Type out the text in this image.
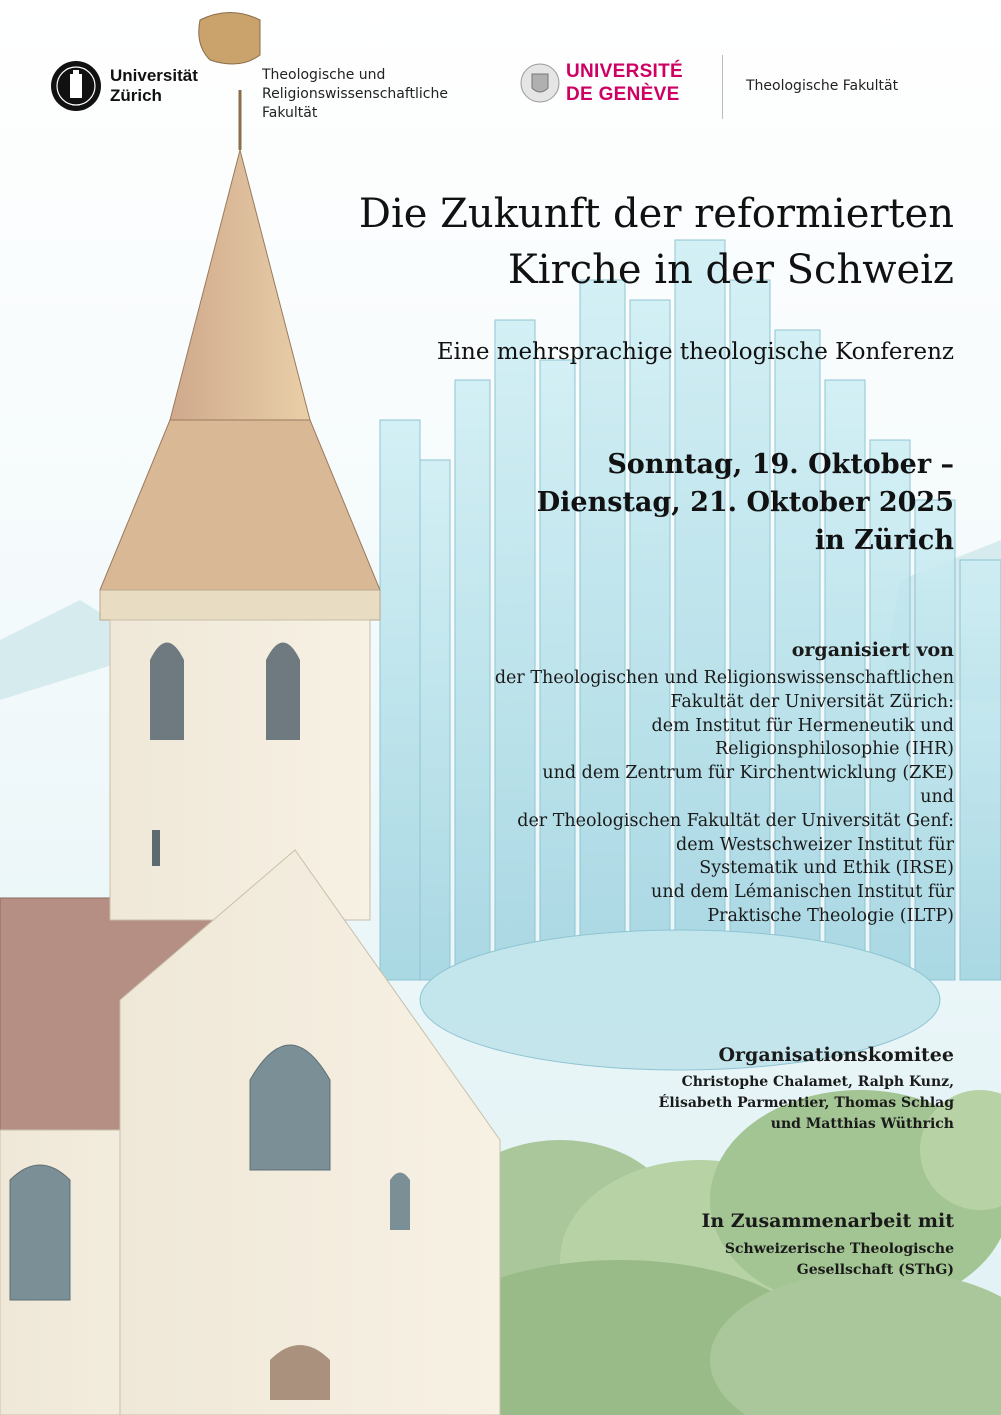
Universität
Zürich
Theologische und
Religionswissenschaftliche
Fakultät
UNIVERSITÉ
DE GENÈVE	Theologische Fakultät
Die Zukunft der reformierten
Kirche in der Schweiz
Eine mehrsprachige theologische Konferenz
Sonntag, 19. Oktober –
Dienstag, 21. Oktober 2025
in Zürich
organisiert von
der Theologischen und Religionswissenschaftlichen
Fakultät der Universität Zürich:
dem Institut für Hermeneutik und
Religionsphilosophie (IHR)
und dem Zentrum für Kirchentwicklung (ZKE)
und
der Theologischen Fakultät der Universität Genf:
dem Westschweizer Institut für
Systematik und Ethik (IRSE)
und dem Lémanischen Institut für
Praktische Theologie (ILTP)
Organisationskomitee
Christophe Chalamet, Ralph Kunz,
Élisabeth Parmentier, Thomas Schlag
und Matthias Wüthrich
In Zusammenarbeit mit
Schweizerische Theologische
Gesellschaft (SThG)
